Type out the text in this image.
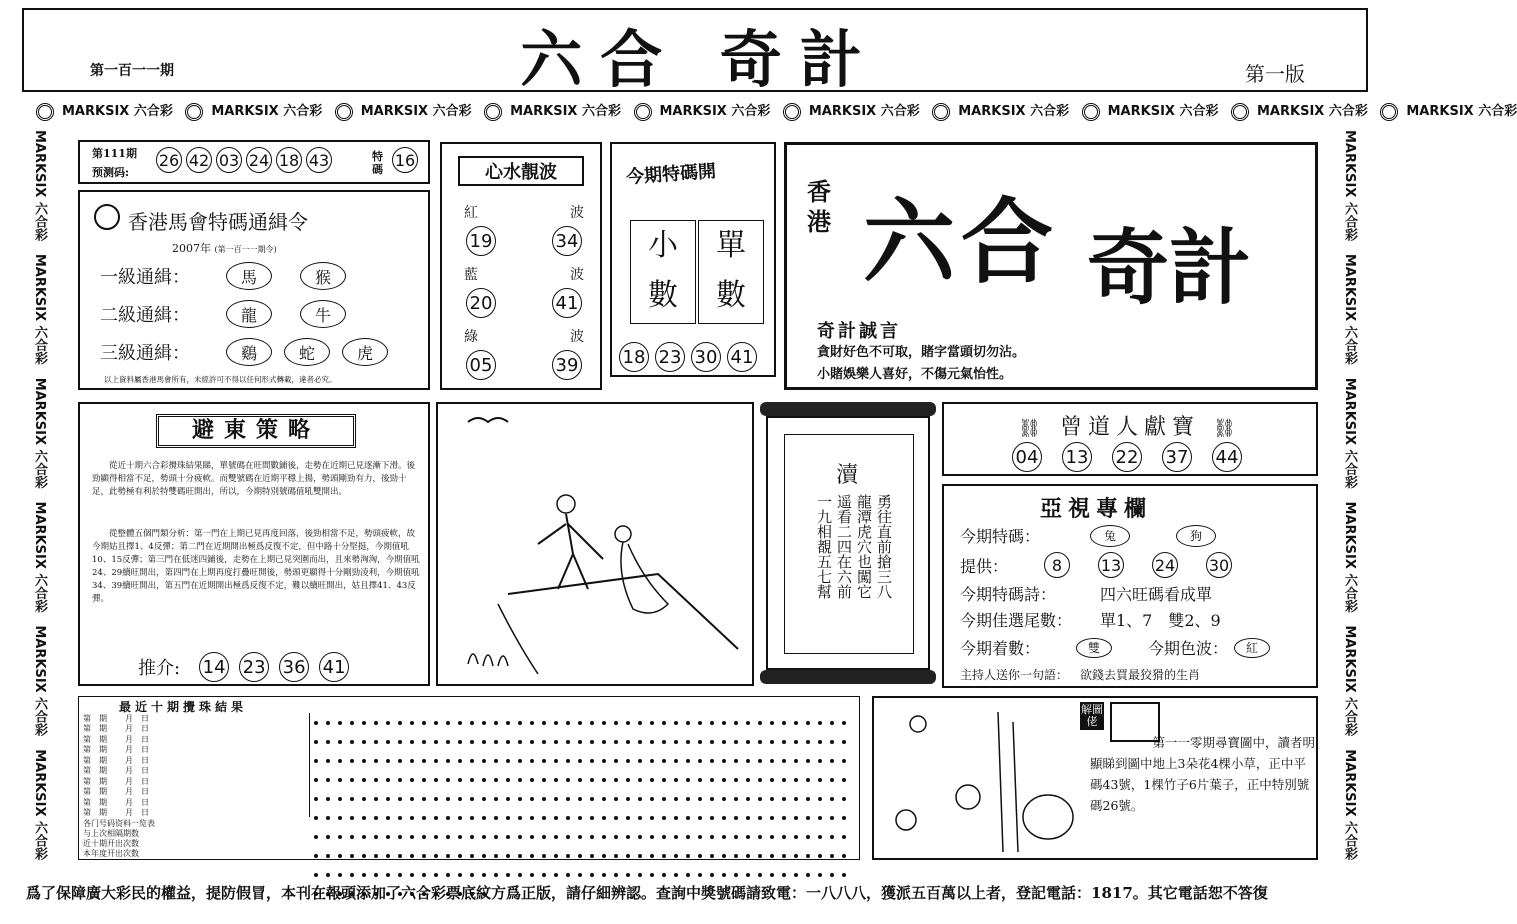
第一百一一期	六合 奇計	第一版
MARKSIX 六合彩	MARKSIX 六合彩	MARKSIX 六合彩	MARKSIX 六合彩	MARKSIX 六合彩	MARKSIX 六合彩	MARKSIX 六合彩	MARKSIX 六合彩	MARKSIX 六合彩	MARKSIX 六合彩
MARKSIX 六合彩　MARKSIX 六合彩　MARKSIX 六合彩　MARKSIX 六合彩　MARKSIX 六合彩　MARKSIX 六合彩
MARKSIX 六合彩　MARKSIX 六合彩　MARKSIX 六合彩　MARKSIX 六合彩　MARKSIX 六合彩　MARKSIX 六合彩
第111期
预测码:
26 42 03 24 18 43	特碼 16
香港馬會特碼通緝令
2007年 (第一百一一期令)
一級通緝：	馬	猴
二級通緝：	龍	牛
三級通緝：	鷄	蛇	虎
以上資料屬香港馬會所有，未經許可不得以任何形式轉載，違者必究。
心水靚波
紅	波
19	34
藍	波
20	41
綠	波
05	39
今期特碼開
小
數
單
數
18 23 30 41
香港 六合 奇計
奇計誠言
貪財好色不可取，賭字當頭切勿沾。
小賭娛樂人喜好，不傷元氣怡性。
避東策略
從近十期六合彩攪珠結果睇，單號碼在旺間數鋪後，走勢在近期已見逐漸下滑。後勁顯得相當不足，勢頭十分疲軟。而雙號碼在近期平穩上揚，勢頭剛勁有力，後勁十足，此勢極有利於特雙碼旺開出，所以，今期特別號碼值吼雙開出。
從整體五個門類分析：第一門在上期已見再度回落，後勁相當不足，勢頭疲軟，故今期姑且擇1、4反彈；第二門在近期開出極爲反復不定，但中路十分堅挺，今期值吼10、15反彈；第三門在低迷四鋪後，走勢在上期已見突圍而出，且來勢洶洶，今期值吼24、29續旺開出，第四門在上期再度打疊旺開後，勢頭更顯得十分剛勁凌利，今期值吼34、39續旺開出，第五門在近期開出極爲反復不定，難以續旺開出，姑且擇41、43反彈。
推介: 14 23 36 41
瀆
勇往直前搶三八
龍潭虎穴也闖它
遥看二四在六前
一九相覩五七幫
⛓ 曾道人獻寶 ⛓
04 13 22 37 44
亞視專欄
今期特碼：	兔	狗
提供：	8	13 24 30
今期特碼詩：	四六旺碼看成單
今期佳選尾數：	單1、7　雙2、9
今期着數：	雙	今期色波：	紅
主持人送你一句語： 欲錢去買最狡猾的生肖
最近十期攪珠結果
第　期	月　日
第　期	月　日
第　期	月　日
第　期	月　日
第　期	月　日
第　期	月　日
第　期	月　日
第　期	月　日
第　期	月　日
第　期	月　日
各门号码资料一览表
与上次相隔期数
近十期开出次数
本年度开出次数
解圖佬
第一一零期尋寶圖中，讀者明顯睇到圖中地上3朵花4棵小草，正中平碼43號，1棵竹子6片葉子，正中特別號碼26號。
爲了保障廣大彩民的權益，提防假冒，本刊在報頭添加了六合彩票底紋方爲正版，請仔細辨認。查詢中獎號碼請致電：一八八八，獲派五百萬以上者，登記電話：1817。其它電話恕不答復
